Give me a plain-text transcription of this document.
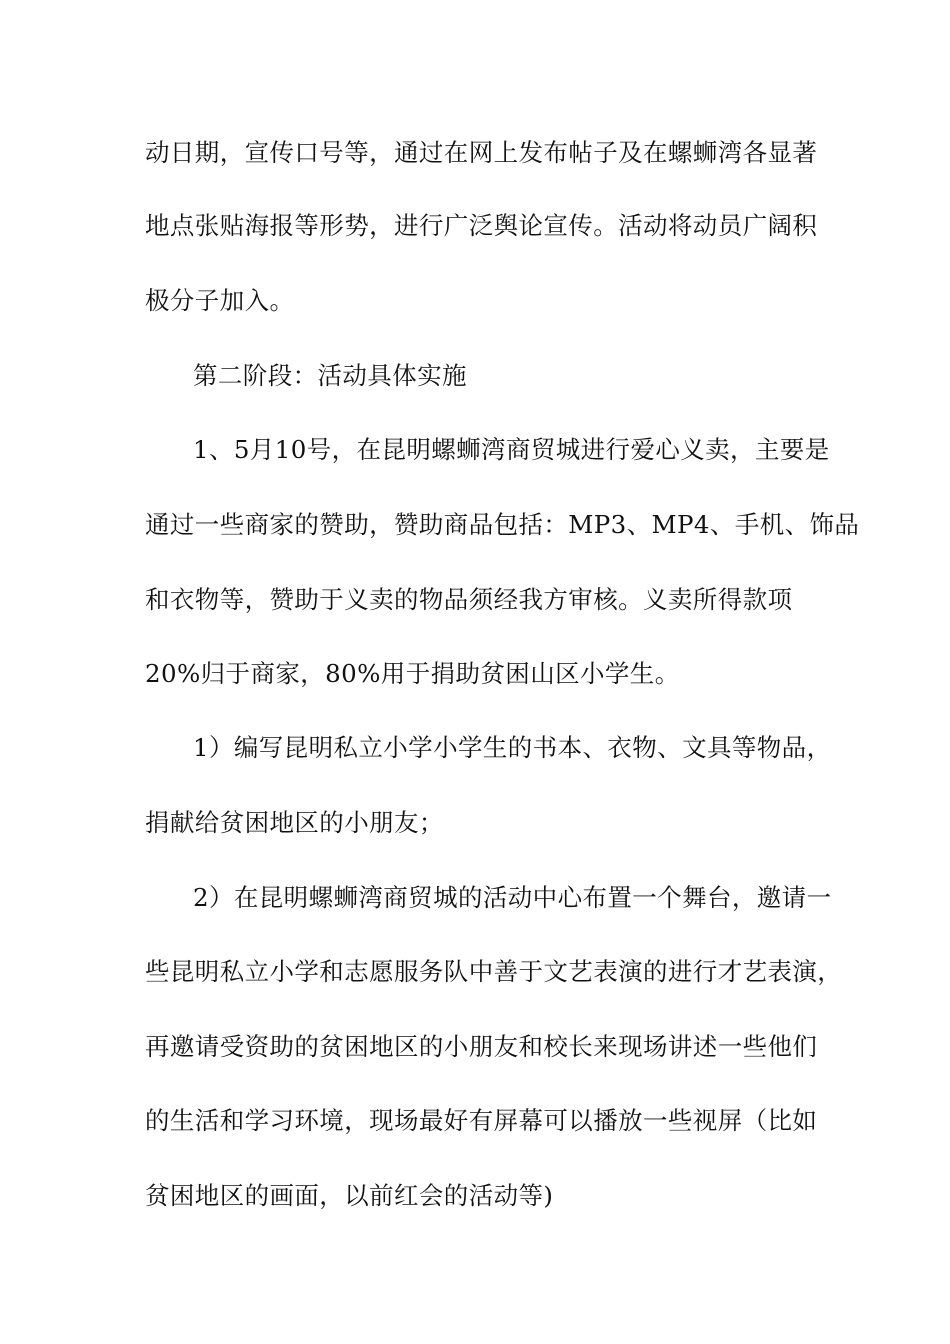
动日期，宣传口号等，通过在网上发布帖子及在螺蛳湾各显著
地点张贴海报等形势，进行广泛舆论宣传。活动将动员广阔积
极分子加入。
第二阶段：活动具体实施
1、5月10号，在昆明螺蛳湾商贸城进行爱心义卖，主要是
通过一些商家的赞助，赞助商品包括：MP3、MP4、手机、饰品
和衣物等，赞助于义卖的物品须经我方审核。义卖所得款项
20%归于商家，80%用于捐助贫困山区小学生。
1）编写昆明私立小学小学生的书本、衣物、文具等物品，
捐献给贫困地区的小朋友；
2）在昆明螺蛳湾商贸城的活动中心布置一个舞台，邀请一
些昆明私立小学和志愿服务队中善于文艺表演的进行才艺表演，
再邀请受资助的贫困地区的小朋友和校长来现场讲述一些他们
的生活和学习环境，现场最好有屏幕可以播放一些视屏（比如
贫困地区的画面，以前红会的活动等)
